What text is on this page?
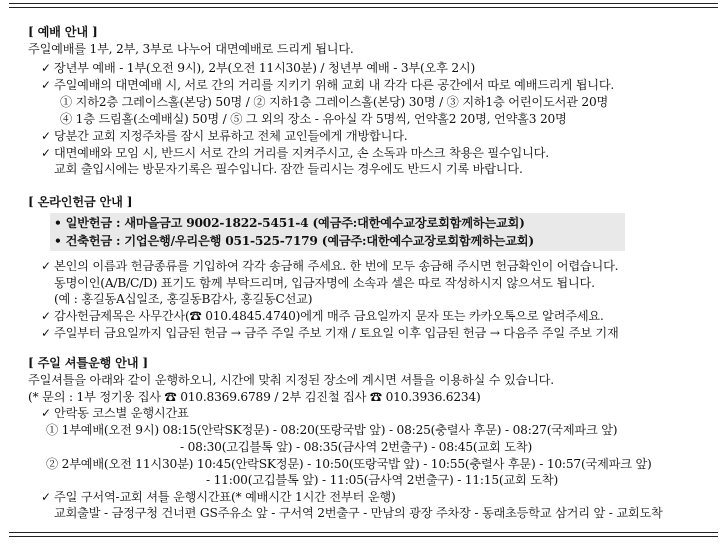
[ 예배 안내 ]
주일예배를 1부, 2부, 3부로 나누어 대면예배로 드리게 됩니다.
✓ 장년부 예배 - 1부(오전 9시), 2부(오전 11시30분) / 청년부 예배 - 3부(오후 2시)
✓ 주일예배의 대면예배 시, 서로 간의 거리를 지키기 위해 교회 내 각각 다른 공간에서 따로 예배드리게 됩니다.
① 지하2층 그레이스홀(본당) 50명 / ② 지하1층 그레이스홀(본당) 30명 / ③ 지하1층 어린이도서관 20명
④ 1층 드림홀(소예배실) 50명 / ⑤ 그 외의 장소 - 유아실 각 5명씩, 언약홀2 20명, 언약홀3 20명
✓ 당분간 교회 지정주차를 잠시 보류하고 전체 교인들에게 개방합니다.
✓ 대면예배와 모임 시, 반드시 서로 간의 거리를 지켜주시고, 손 소독과 마스크 착용은 필수입니다.
교회 출입시에는 방문자기록은 필수입니다. 잠깐 들리시는 경우에도 반드시 기록 바랍니다.
[ 온라인헌금 안내 ]
• 일반헌금 : 새마을금고 9002-1822-5451-4 (예금주:대한예수교장로회함께하는교회)
• 건축헌금 : 기업은행/우리은행 051-525-7179 (예금주:대한예수교장로회함께하는교회)
✓ 본인의 이름과 헌금종류를 기입하여 각각 송금해 주세요. 한 번에 모두 송금해 주시면 헌금확인이 어렵습니다.
동명이인(A/B/C/D) 표기도 함께 부탁드리며, 입금자명에 소속과 셀은 따로 작성하시지 않으셔도 됩니다.
(예 : 홍길동A십일조, 홍길동B감사, 홍길동C선교)
✓ 감사헌금제목은 사무간사(☎ 010.4845.4740)에게 매주 금요일까지 문자 또는 카카오톡으로 알려주세요.
✓ 주일부터 금요일까지 입금된 헌금 → 금주 주일 주보 기재 / 토요일 이후 입금된 헌금 → 다음주 주일 주보 기재
[ 주일 셔틀운행 안내 ]
주일셔틀을 아래와 같이 운행하오니, 시간에 맞춰 지정된 장소에 계시면 셔틀을 이용하실 수 있습니다.
(* 문의 : 1부 정기웅 집사 ☎ 010.8369.6789 / 2부 김진철 집사 ☎ 010.3936.6234)
✓ 안락동 코스별 운행시간표
① 1부예배(오전 9시) 08:15(안락SK정문) - 08:20(또랑국밥 앞) - 08:25(충렬사 후문) - 08:27(국제파크 앞)
- 08:30(고깁블톡 앞) - 08:35(금사역 2번출구) - 08:45(교회 도착)
② 2부예배(오전 11시30분) 10:45(안락SK정문) - 10:50(또랑국밥 앞) - 10:55(충렬사 후문) - 10:57(국제파크 앞)
- 11:00(고깁블톡 앞) - 11:05(금사역 2번출구) - 11:15(교회 도착)
✓ 주일 구서역-교회 셔틀 운행시간표(* 예배시간 1시간 전부터 운행)
교회출발 - 금정구청 건너편 GS주유소 앞 - 구서역 2번출구 - 만남의 광장 주차장 - 동래초등학교 삼거리 앞 - 교회도착
